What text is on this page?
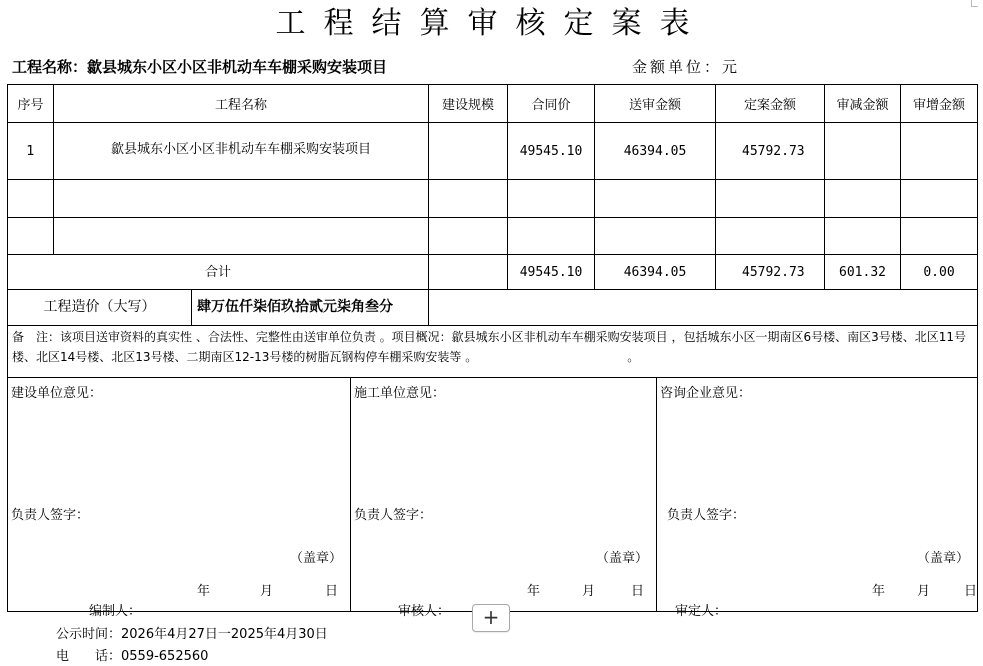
工程结算审核定案表
工程名称：歙县城东小区小区非机动车车棚采购安装项目	金额单位：元
序号	工程名称	建设规模	合同价	送审金额	定案金额	审减金额	审增金额
1	歙县城东小区小区非机动车车棚采购安装项目		49545.10	46394.05	45792.73		

合计			49545.10	46394.05	45792.73	601.32	0.00

工程造价（大写） 肆万伍仟柒佰玖拾贰元柒角叁分							

备　注：该项目送审资料的真实性 、合法性、完整性由送审单位负责 。项目概况：歙县城东小区非机动车车棚采购安装项目 ，包括城东小区一期南区6号楼、南区3号楼、北区11号楼、北区14号楼、北区13号楼、二期南区12-13号楼的树脂瓦钢构停车棚采购安装等 。　　　　　　　　　　　　　。							

建设单位意见：
负责人签字：
（盖章）
年	月	日
施工单位意见：
负责人签字：
（盖章）
年	月	日
咨询企业意见：
负责人签字：
（盖章）
年 月	日
编制人：	审核人：	+	审定人：
公示时间：2026年4月27日一2025年4月30日
电　　话：0559-652560
